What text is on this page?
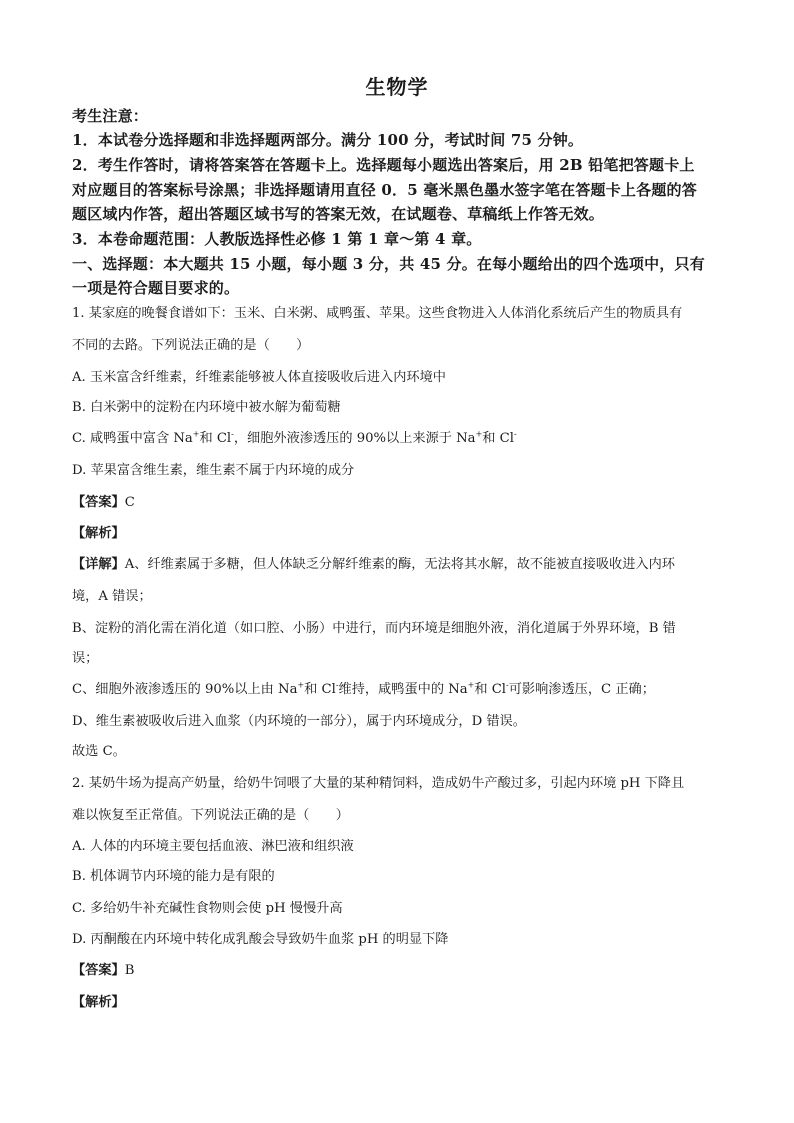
生物学
考生注意：
1．本试卷分选择题和非选择题两部分。满分 100 分，考试时间 75 分钟。
2．考生作答时，请将答案答在答题卡上。选择题每小题选出答案后，用 2B 铅笔把答题卡上
对应题目的答案标号涂黑；非选择题请用直径 0．5 毫米黑色墨水签字笔在答题卡上各题的答
题区域内作答，超出答题区域书写的答案无效，在试题卷、草稿纸上作答无效。
3．本卷命题范围：人教版选择性必修 1 第 1 章～第 4 章。
一、选择题：本大题共 15 小题，每小题 3 分，共 45 分。在每小题给出的四个选项中，只有
一项是符合题目要求的。
1. 某家庭的晚餐食谱如下：玉米、白米粥、咸鸭蛋、苹果。这些食物进入人体消化系统后产生的物质具有
不同的去路。下列说法正确的是（　　）
A. 玉米富含纤维素，纤维素能够被人体直接吸收后进入内环境中
B. 白米粥中的淀粉在内环境中被水解为葡萄糖
C. 咸鸭蛋中富含 Na+和 Cl-，细胞外液渗透压的 90%以上来源于 Na+和 Cl-
D. 苹果富含维生素，维生素不属于内环境的成分
【答案】C
【解析】
【详解】A、纤维素属于多糖，但人体缺乏分解纤维素的酶，无法将其水解，故不能被直接吸收进入内环
境，A 错误；
B、淀粉的消化需在消化道（如口腔、小肠）中进行，而内环境是细胞外液，消化道属于外界环境，B 错
误；
C、细胞外液渗透压的 90%以上由 Na+和 Cl-维持，咸鸭蛋中的 Na+和 Cl-可影响渗透压，C 正确；
D、维生素被吸收后进入血浆（内环境的一部分），属于内环境成分，D 错误。
故选 C。
2. 某奶牛场为提高产奶量，给奶牛饲喂了大量的某种精饲料，造成奶牛产酸过多，引起内环境 pH 下降且
难以恢复至正常值。下列说法正确的是（　　）
A. 人体的内环境主要包括血液、淋巴液和组织液
B. 机体调节内环境的能力是有限的
C. 多给奶牛补充碱性食物则会使 pH 慢慢升高
D. 丙酮酸在内环境中转化成乳酸会导致奶牛血浆 pH 的明显下降
【答案】B
【解析】
